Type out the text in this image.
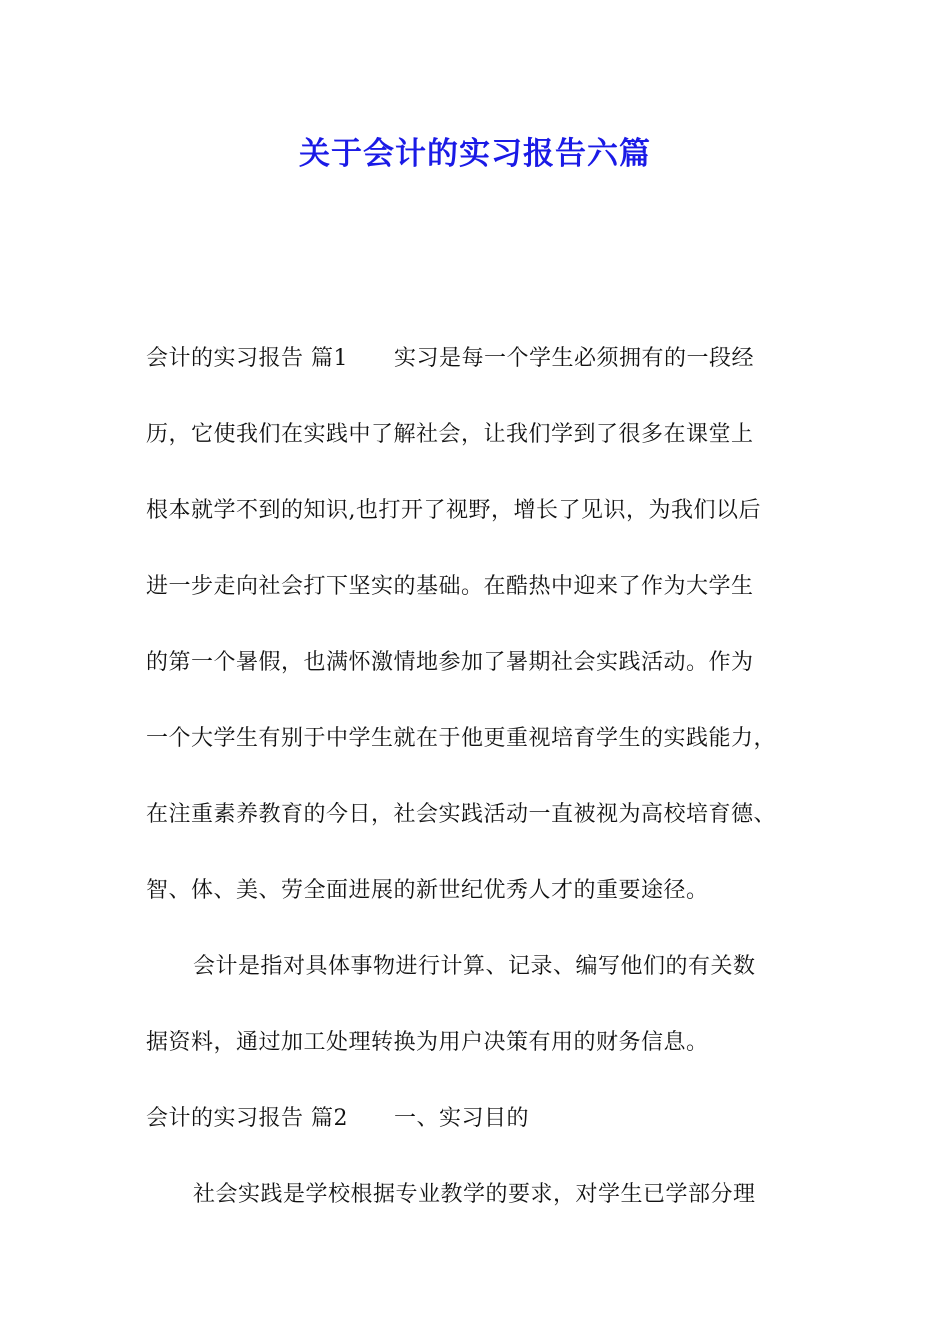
关于会计的实习报告六篇

会计的实习报告 篇1 实习是每一个学生必须拥有的一段经

历，它使我们在实践中了解社会，让我们学到了很多在课堂上

根本就学不到的知识,也打开了视野，增长了见识，为我们以后

进一步走向社会打下坚实的基础。在酷热中迎来了作为大学生

的第一个暑假，也满怀激情地参加了暑期社会实践活动。作为

一个大学生有别于中学生就在于他更重视培育学生的实践能力，

在注重素养教育的今日，社会实践活动一直被视为高校培育德、

智、体、美、劳全面进展的新世纪优秀人才的重要途径。

会计是指对具体事物进行计算、记录、编写他们的有关数

据资料，通过加工处理转换为用户决策有用的财务信息。

会计的实习报告 篇2 一、实习目的

社会实践是学校根据专业教学的要求，对学生已学部分理
